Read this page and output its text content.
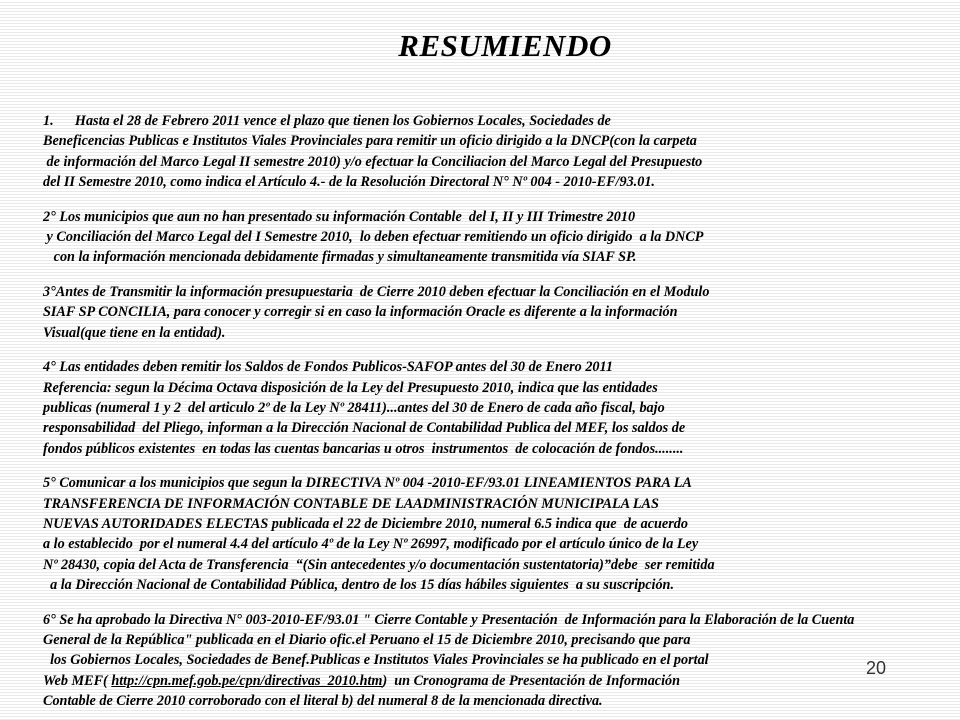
RESUMIENDO
1.      Hasta el 28 de Febrero 2011 vence el plazo que tienen los Gobiernos Locales, Sociedades de
Beneficencias Publicas e Institutos Viales Provinciales para remitir un oficio dirigido a la DNCP(con la carpeta
de información del Marco Legal II semestre 2010) y/o efectuar la Conciliacion del Marco Legal del Presupuesto
del II Semestre 2010, como indica el Artículo 4.- de la Resolución Directoral N° Nº 004 - 2010-EF/93.01.
2° Los municipios que aun no han presentado su información Contable  del I, II y III Trimestre 2010
y Conciliación del Marco Legal del I Semestre 2010,  lo deben efectuar remitiendo un oficio dirigido  a la DNCP
con la información mencionada debidamente firmadas y simultaneamente transmitida vía SIAF SP.
3°Antes de Transmitir la información presupuestaria  de Cierre 2010 deben efectuar la Conciliación en el Modulo
SIAF SP CONCILIA, para conocer y corregir si en caso la información Oracle es diferente a la información
Visual(que tiene en la entidad).
4° Las entidades deben remitir los Saldos de Fondos Publicos-SAFOP antes del 30 de Enero 2011
Referencia: segun la Décima Octava disposición de la Ley del Presupuesto 2010, indica que las entidades
publicas (numeral 1 y 2  del articulo 2º de la Ley Nº 28411)...antes del 30 de Enero de cada año fiscal, bajo
responsabilidad  del Pliego, informan a la Dirección Nacional de Contabilidad Publica del MEF, los saldos de
fondos públicos existentes  en todas las cuentas bancarias u otros  instrumentos  de colocación de fondos........
5° Comunicar a los municipios que segun la DIRECTIVA Nº 004 -2010-EF/93.01 LINEAMIENTOS PARA LA
TRANSFERENCIA DE INFORMACIÓN CONTABLE DE LAADMINISTRACIÓN MUNICIPALA LAS
NUEVAS AUTORIDADES ELECTAS publicada el 22 de Diciembre 2010, numeral 6.5 indica que  de acuerdo
a lo establecido  por el numeral 4.4 del artículo 4º de la Ley Nº 26997, modificado por el artículo único de la Ley
Nº 28430, copia del Acta de Transferencia  “(Sin antecedentes y/o documentación sustentatoria)”debe  ser remitida
a la Dirección Nacional de Contabilidad Pública, dentro de los 15 días hábiles siguientes  a su suscripción.
6° Se ha aprobado la Directiva N° 003-2010-EF/93.01 " Cierre Contable y Presentación  de Información para la Elaboración de la Cuenta
General de la República" publicada en el Diario ofic.el Peruano el 15 de Diciembre 2010, precisando que para
los Gobiernos Locales, Sociedades de Benef.Publicas e Institutos Viales Provinciales se ha publicado en el portal
Web MEF( http://cpn.mef.gob.pe/cpn/directivas_2010.htm)  un Cronograma de Presentación de Información
Contable de Cierre 2010 corroborado con el literal b) del numeral 8 de la mencionada directiva.
20
